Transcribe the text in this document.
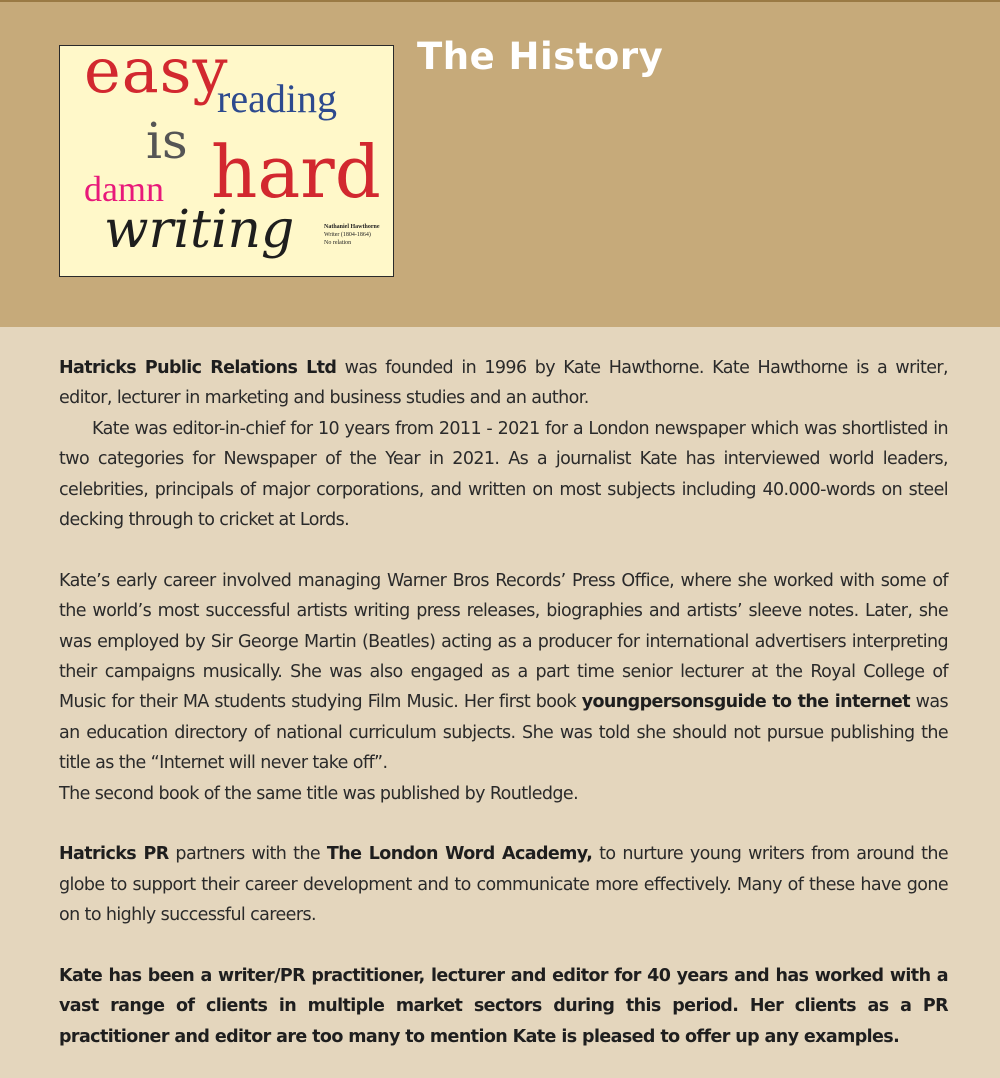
easy
reading
is hard
damn
writing	Nathaniel Hawthorne
Writer (1804-1864)
No relation
The History

Hatricks Public Relations Ltd was founded in 1996 by Kate Hawthorne. Kate Hawthorne is a writer, editor, lecturer in marketing and business studies and an author.

Kate was editor-in-chief for 10 years from 2011 - 2021 for a London newspaper which was shortlisted in two categories for Newspaper of the Year in 2021. As a journalist Kate has interviewed world leaders, celebrities, principals of major corporations, and written on most subjects including 40.000-words on steel decking through to cricket at Lords.

Kate’s early career involved managing Warner Bros Records’ Press Office, where she worked with some of the world’s most successful artists writing press releases, biographies and artists’ sleeve notes. Later, she was employed by Sir George Martin (Beatles) acting as a producer for international advertisers interpreting their campaigns musically. She was also engaged as a part time senior lecturer at the Royal College of Music for their MA students studying Film Music. Her first book youngpersonsguide to the internet was an education directory of national curriculum subjects. She was told she should not pursue publishing the title as the “Internet will never take off”.

The second book of the same title was published by Routledge.

Hatricks PR partners with the The London Word Academy, to nurture young writers from around the globe to support their career development and to communicate more effectively. Many of these have gone on to highly successful careers.

Kate has been a writer/PR practitioner, lecturer and editor for 40 years and has worked with a vast range of clients in multiple market sectors during this period. Her clients as a PR practitioner and editor are too many to mention Kate is pleased to offer up any examples.
